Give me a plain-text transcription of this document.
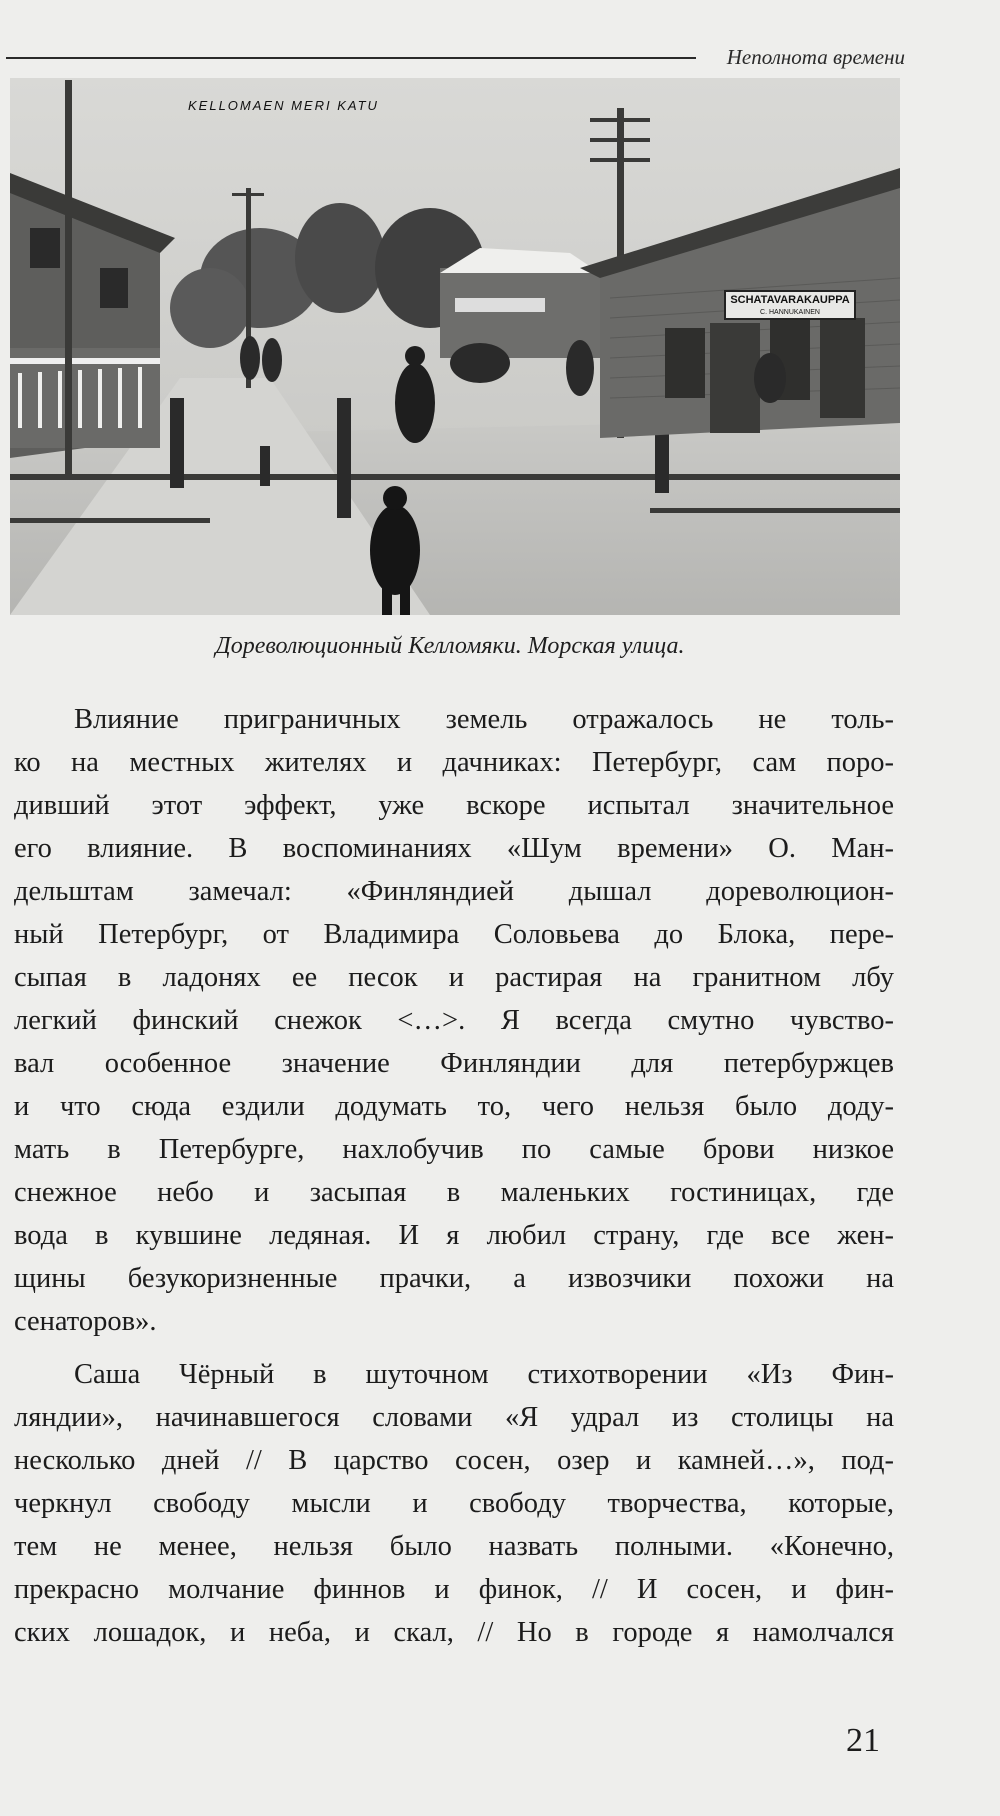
Неполнота времени
KELLOMAEN MERI KATU
SCHATAVARAKAUPPA
C. HANNUKAINEN
Дореволюционный Келломяки. Морская улица.
Влияние приграничных земель отражалось не толь-
ко на местных жителях и дачниках: Петербург, сам поро-
дивший этот эффект, уже вскоре испытал значительное
его влияние. В воспоминаниях «Шум времени» О. Ман-
дельштам замечал: «Финляндией дышал дореволюцион-
ный Петербург, от Владимира Соловьева до Блока, пере-
сыпая в ладонях ее песок и растирая на гранитном лбу
легкий финский снежок <…>. Я всегда смутно чувство-
вал особенное значение Финляндии для петербуржцев
и что сюда ездили додумать то, чего нельзя было доду-
мать в Петербурге, нахлобучив по самые брови низкое
снежное небо и засыпая в маленьких гостиницах, где
вода в кувшине ледяная. И я любил страну, где все жен-
щины безукоризненные прачки, а извозчики похожи на
сенаторов».
Саша Чёрный в шуточном стихотворении «Из Фин-
ляндии», начинавшегося словами «Я удрал из столицы на
несколько дней // В царство сосен, озер и камней…», под-
черкнул свободу мысли и свободу творчества, которые,
тем не менее, нельзя было назвать полными. «Конечно,
прекрасно молчание финнов и финок, // И сосен, и фин-
ских лошадок, и неба, и скал, // Но в городе я намолчался
21
